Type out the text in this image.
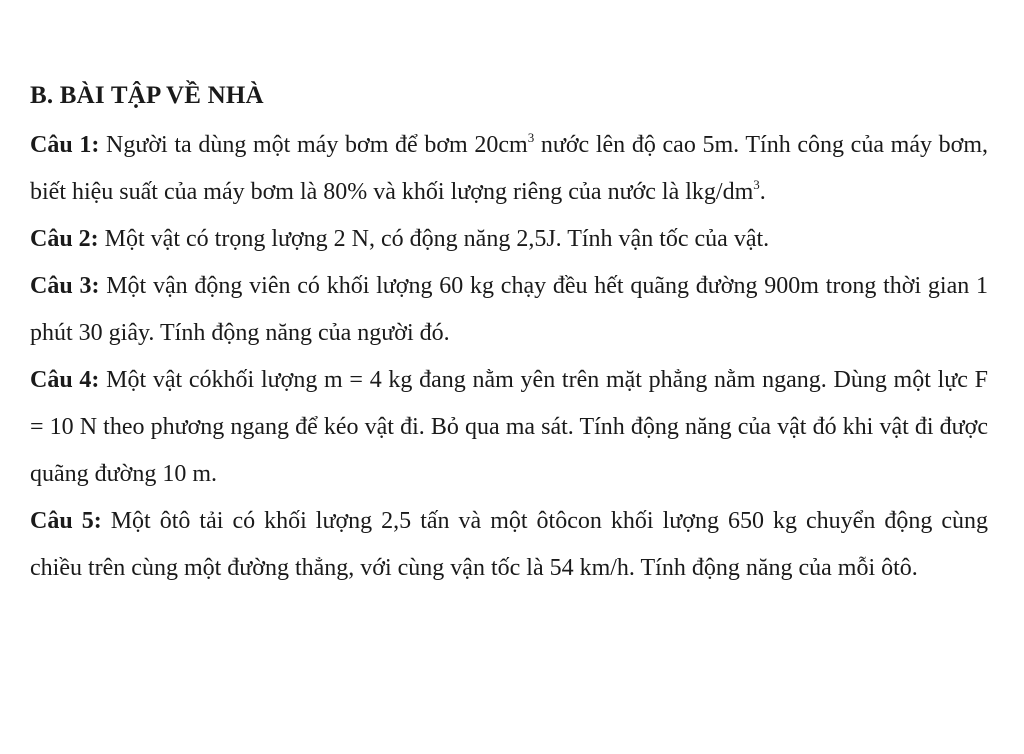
B. BÀI TẬP VỀ NHÀ

Câu 1: Người ta dùng một máy bơm để bơm $20cm^3$ nước lên độ cao 5m. Tính công của máy bơm, biết hiệu suất của máy bơm là 80% và khối lượng riêng của nước là lkg/$dm^3$.

Câu 2: Một vật có trọng lượng 2 N, có động năng 2,5J. Tính vận tốc của vật.

Câu 3: Một vận động viên có khối lượng 60 kg chạy đều hết quãng đường 900m trong thời gian 1 phút 30 giây. Tính động năng của người đó.

Câu 4: Một vật cókhối lượng m = 4 kg đang nằm yên trên mặt phẳng nằm ngang. Dùng một lực F = 10 N theo phương ngang để kéo vật đi. Bỏ qua ma sát. Tính động năng của vật đó khi vật đi được quãng đường 10 m.

Câu 5: Một ôtô tải có khối lượng 2,5 tấn và một ôtôcon khối lượng 650 kg chuyển động cùng chiều trên cùng một đường thẳng, với cùng vận tốc là 54 km/h. Tính động năng của mỗi ôtô.
